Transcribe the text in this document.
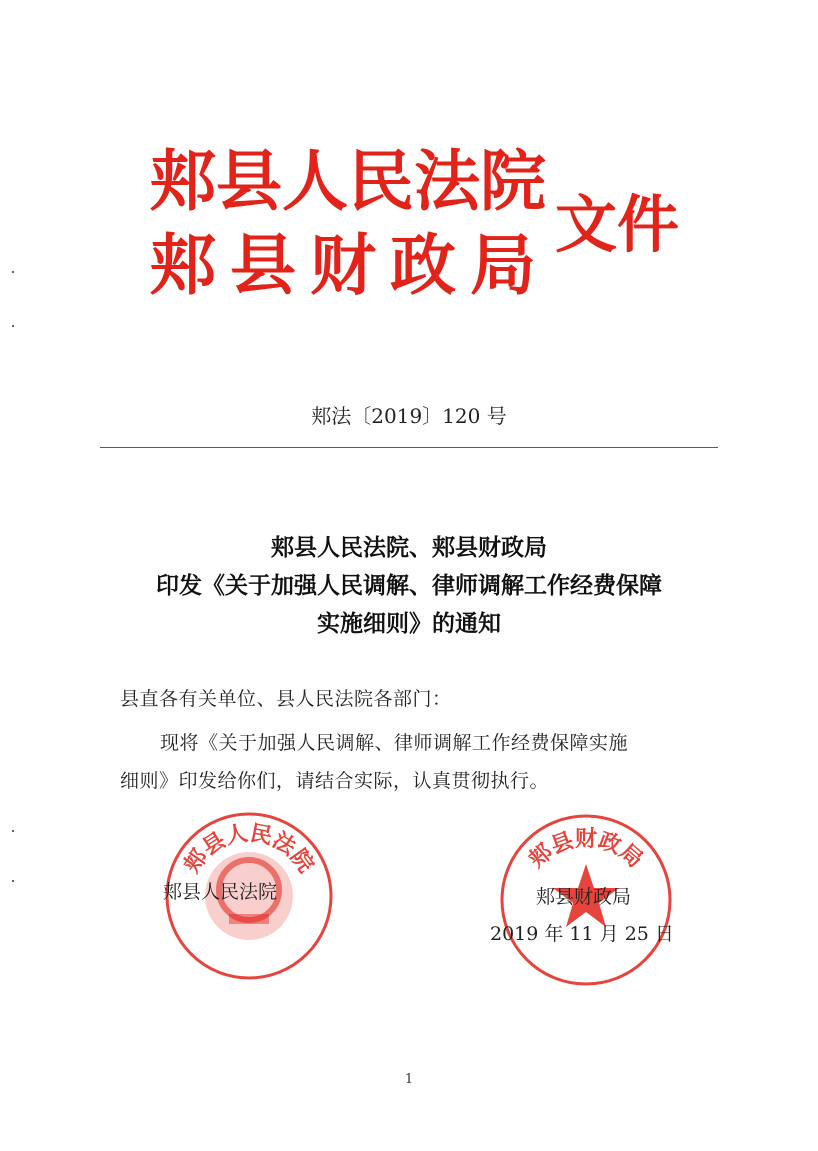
郏县人民法院
郏县财政局
文件
郏法〔2019〕120 号
郏县人民法院、郏县财政局
印发《关于加强人民调解、律师调解工作经费保障
实施细则》的通知
县直各有关单位、县人民法院各部门：
现将《关于加强人民调解、律师调解工作经费保障实施
细则》印发给你们，请结合实际，认真贯彻执行。
郏县人民法院	郏县财政局
郏县人民法院	郏县财政局
2019 年 11 月 25 日
1
